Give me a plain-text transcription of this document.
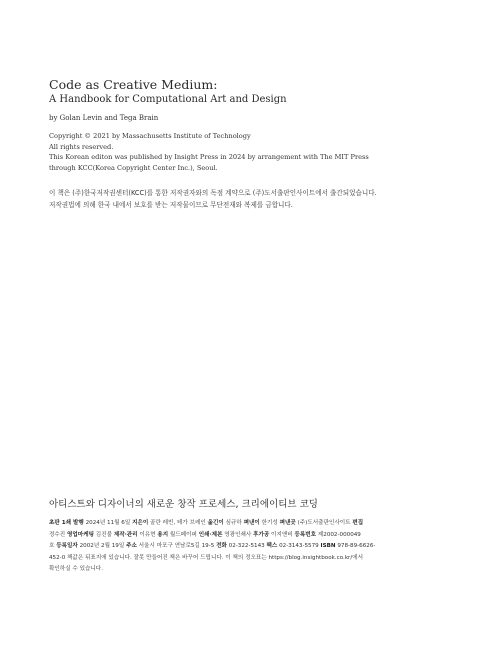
Code as Creative Medium:
A Handbook for Computational Art and Design
by Golan Levin and Tega Brain
Copyright © 2021 by Massachusetts Institute of Technology
All rights reserved.
This Korean editon was published by Insight Press in 2024 by arrangement with The MIT Press
through KCC(Korea Copyright Center Inc.), Seoul.
이 책은 (주)한국저작권센터(KCC)를 통한 저작권자와의 독점 계약으로 (주)도서출판인사이트에서 출간되었습니다.
저작권법에 의해 한국 내에서 보호를 받는 저작물이므로 무단전재와 복제를 금합니다.
아티스트와 디자이너의 새로운 창작 프로세스, 크리에이티브 코딩
초판 1쇄 발행 2024년 11월 6일 지은이 골란 레빈, 테가 브레인 옮긴이 심규하 펴낸이 한기성 펴낸곳 (주)도서출판인사이트 편집
정수진 영업마케팅 김진불 제작·관리 이유현 용지 월드페이퍼 인쇄·제본 영광인쇄사 후가공 이지앤비 등록번호 제2002-000049
호 등록일자 2002년 2월 19일 주소 서울시 마포구 연남로5길 19-5 전화 02-322-5143 팩스 02-3143-5579 ISBN 978-89-6626-
452-0 책값은 뒤표지에 있습니다. 잘못 만들어진 책은 바꾸어 드립니다. 이 책의 정오표는 https://blog.insightbook.co.kr/에서
확인하실 수 있습니다.
